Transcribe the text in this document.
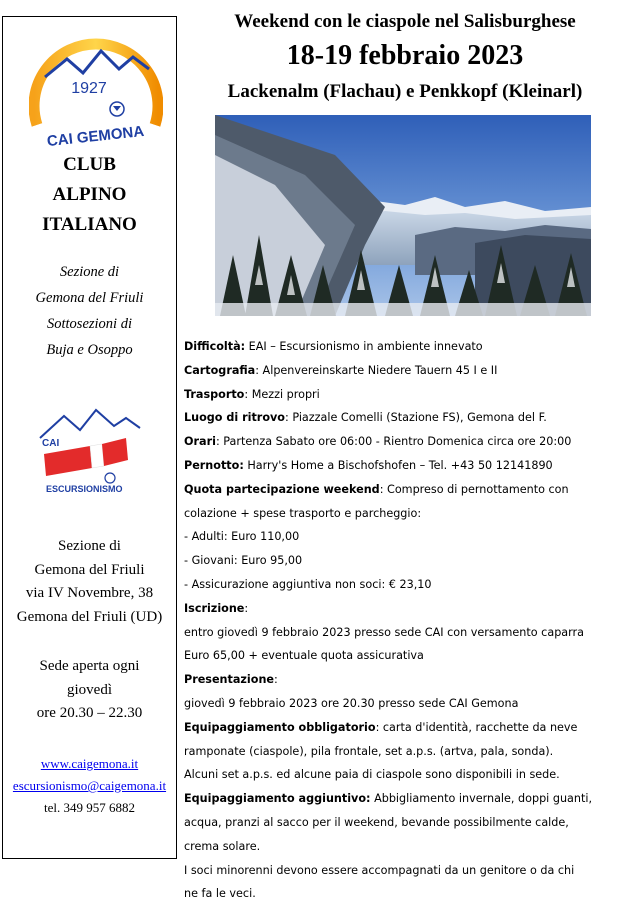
1927
CAI GEMONA
CLUB
ALPINO
ITALIANO
Sezione di
Gemona del Friuli
Sottosezioni di
Buja e Osoppo
CAI
ESCURSIONISMO
Sezione di
Gemona del Friuli
via IV Novembre, 38
Gemona del Friuli (UD)
Sede aperta ogni
giovedì
ore 20.30 – 22.30
www.caigemona.it
escursionismo@caigemona.it
tel. 349 957 6882
Weekend con le ciaspole nel Salisburghese
18-19 febbraio 2023
Lackenalm (Flachau) e Penkkopf (Kleinarl)
Difficoltà: EAI – Escursionismo in ambiente innevato
Cartografia: Alpenvereinskarte Niedere Tauern 45 I e II
Trasporto: Mezzi propri
Luogo di ritrovo: Piazzale Comelli (Stazione FS), Gemona del F.
Orari: Partenza Sabato ore 06:00 - Rientro Domenica circa ore 20:00
Pernotto: Harry's Home a Bischofshofen – Tel. +43 50 12141890
Quota partecipazione weekend: Compreso di pernottamento con
colazione + spese trasporto e parcheggio:
- Adulti: Euro 110,00
- Giovani: Euro 95,00
- Assicurazione aggiuntiva non soci: € 23,10
Iscrizione:
entro giovedì 9 febbraio 2023 presso sede CAI con versamento caparra
Euro 65,00 + eventuale quota assicurativa
Presentazione:
giovedì 9 febbraio 2023 ore 20.30 presso sede CAI Gemona
Equipaggiamento obbligatorio: carta d'identità, racchette da neve
ramponate (ciaspole), pila frontale, set a.p.s. (artva, pala, sonda).
Alcuni set a.p.s. ed alcune paia di ciaspole sono disponibili in sede.
Equipaggiamento aggiuntivo: Abbigliamento invernale, doppi guanti,
acqua, pranzi al sacco per il weekend, bevande possibilmente calde,
crema solare.
I soci minorenni devono essere accompagnati da un genitore o da chi
ne fa le veci.
